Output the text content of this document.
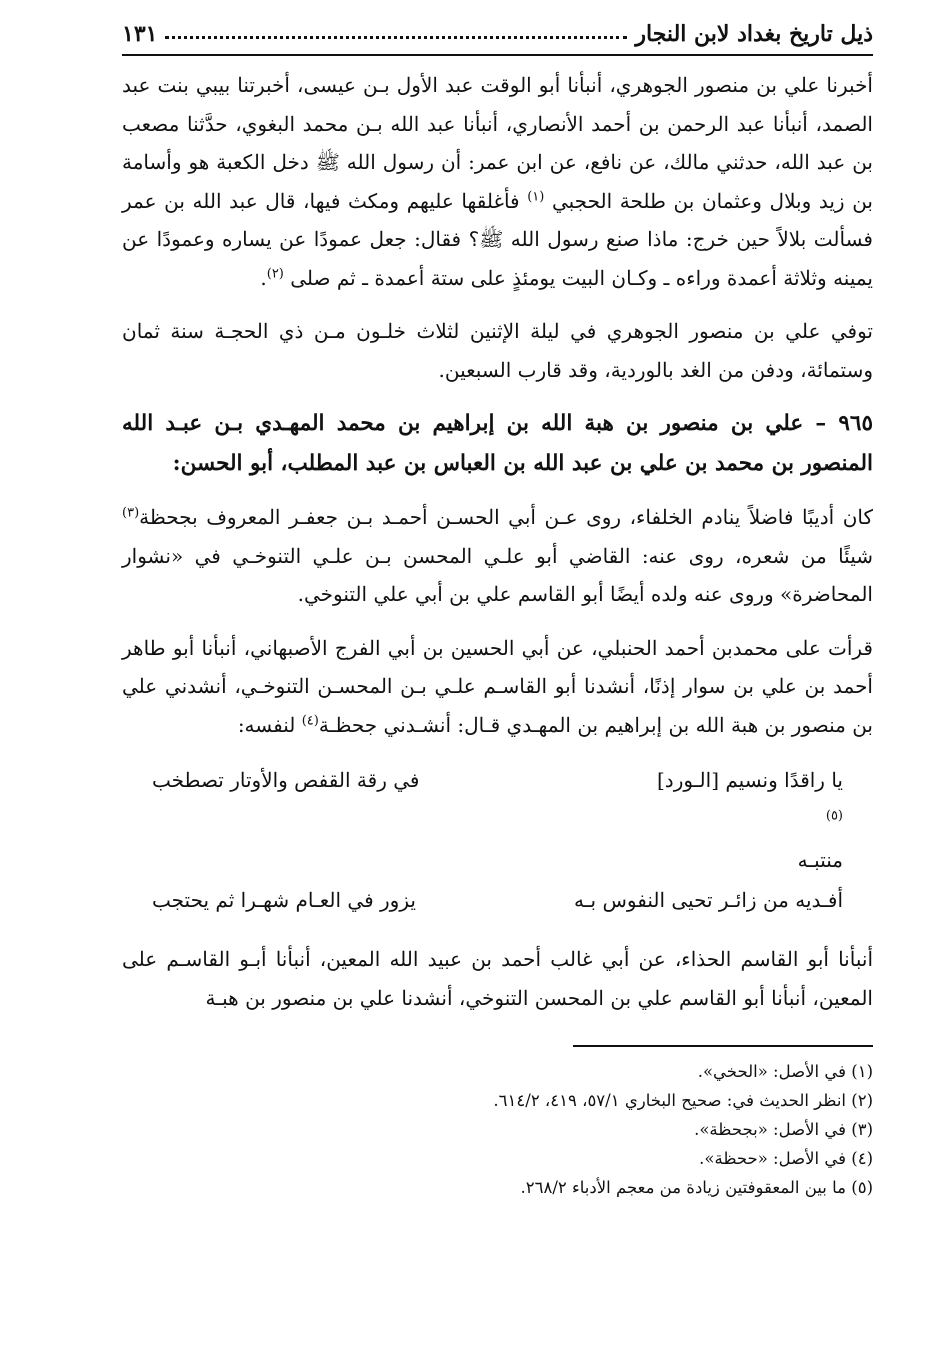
ذيل تاريخ بغداد لابن النجار
١٣١

أخبرنا علي بن منصور الجوهري، أنبأنا أبو الوقت عبد الأول بـن عيسى، أخبرتنا بيبي بنت عبد الصمد، أنبأنا عبد الرحمن بن أحمد الأنصاري، أنبأنا عبد الله بـن محمد البغوي، حدَّثنا مصعب بن عبد الله، حدثني مالك، عن نافع، عن ابن عمر: أن رسول الله ﷺ دخل الكعبة هو وأسامة بن زيد وبلال وعثمان بن طلحة الحجبي $^{(١)}$ فأغلقها عليهم ومكث فيها، قال عبد الله بن عمر فسألت بلالاً حين خرج: ماذا صنع رسول الله ﷺ؟ فقال: جعل عمودًا عن يساره وعمودًا عن يمينه وثلاثة أعمدة وراءه ـ وكـان البيت يومئذٍ على ستة أعمدة ـ ثم صلى $^{(٢)}$.

توفي علي بن منصور الجوهري في ليلة الإثنين لثلاث خلـون مـن ذي الحجـة سنة ثمان وستمائة، ودفن من الغد بالوردية، وقد قارب السبعين.

٩٦٥ – علي بن منصور بن هبة الله بن إبراهيم بن محمد المهـدي بـن عبـد الله المنصور بن محمد بن علي بن عبد الله بن العباس بن عبد المطلب، أبو الحسن:

كان أديبًا فاضلاً ينادم الخلفاء، روى عـن أبي الحسـن أحمـد بـن جعفـر المعروف بجحظة$^{(٣)}$ شيئًا من شعره، روى عنه: القاضي أبو علـي المحسن بـن علـي التنوخـي في «نشوار المحاضرة» وروى عنه ولده أيضًا أبو القاسم علي بن أبي علي التنوخي.

قرأت على محمدبن أحمد الحنبلي، عن أبي الحسين بن أبي الفرج الأصبهاني، أنبأنا أبو طاهر أحمد بن علي بن سوار إذنًا، أنشدنا أبو القاسـم علـي بـن المحسـن التنوخـي، أنشدني علي بن منصور بن هبة الله بن إبراهيم بن المهـدي قـال: أنشـدني جحظـة$^{(٤)}$ لنفسه:

يا راقدًا ونسيم [الـورد]
$^{(٥)}$
منتبـه
في رقة القفص والأوتار تصطخب
أفـديه من زائـر تحيى النفوس بـه
يزور في العـام شهـرا ثم يحتجب

أنبأنا أبو القاسم الحذاء، عن أبي غالب أحمد بن عبيد الله المعين، أنبأنا أبـو القاسـم على المعين، أنبأنا أبو القاسم علي بن المحسن التنوخي، أنشدنا علي بن منصور بن هبـة

(١) في الأصل: «الحخي».
(٢) انظر الحديث في: صحيح البخاري ٥٧/١، ٤١٩، ٦١٤/٢.
(٣) في الأصل: «بجحظة».
(٤) في الأصل: «ححظة».
(٥) ما بين المعقوفتين زيادة من معجم الأدباء ٢٦٨/٢.
